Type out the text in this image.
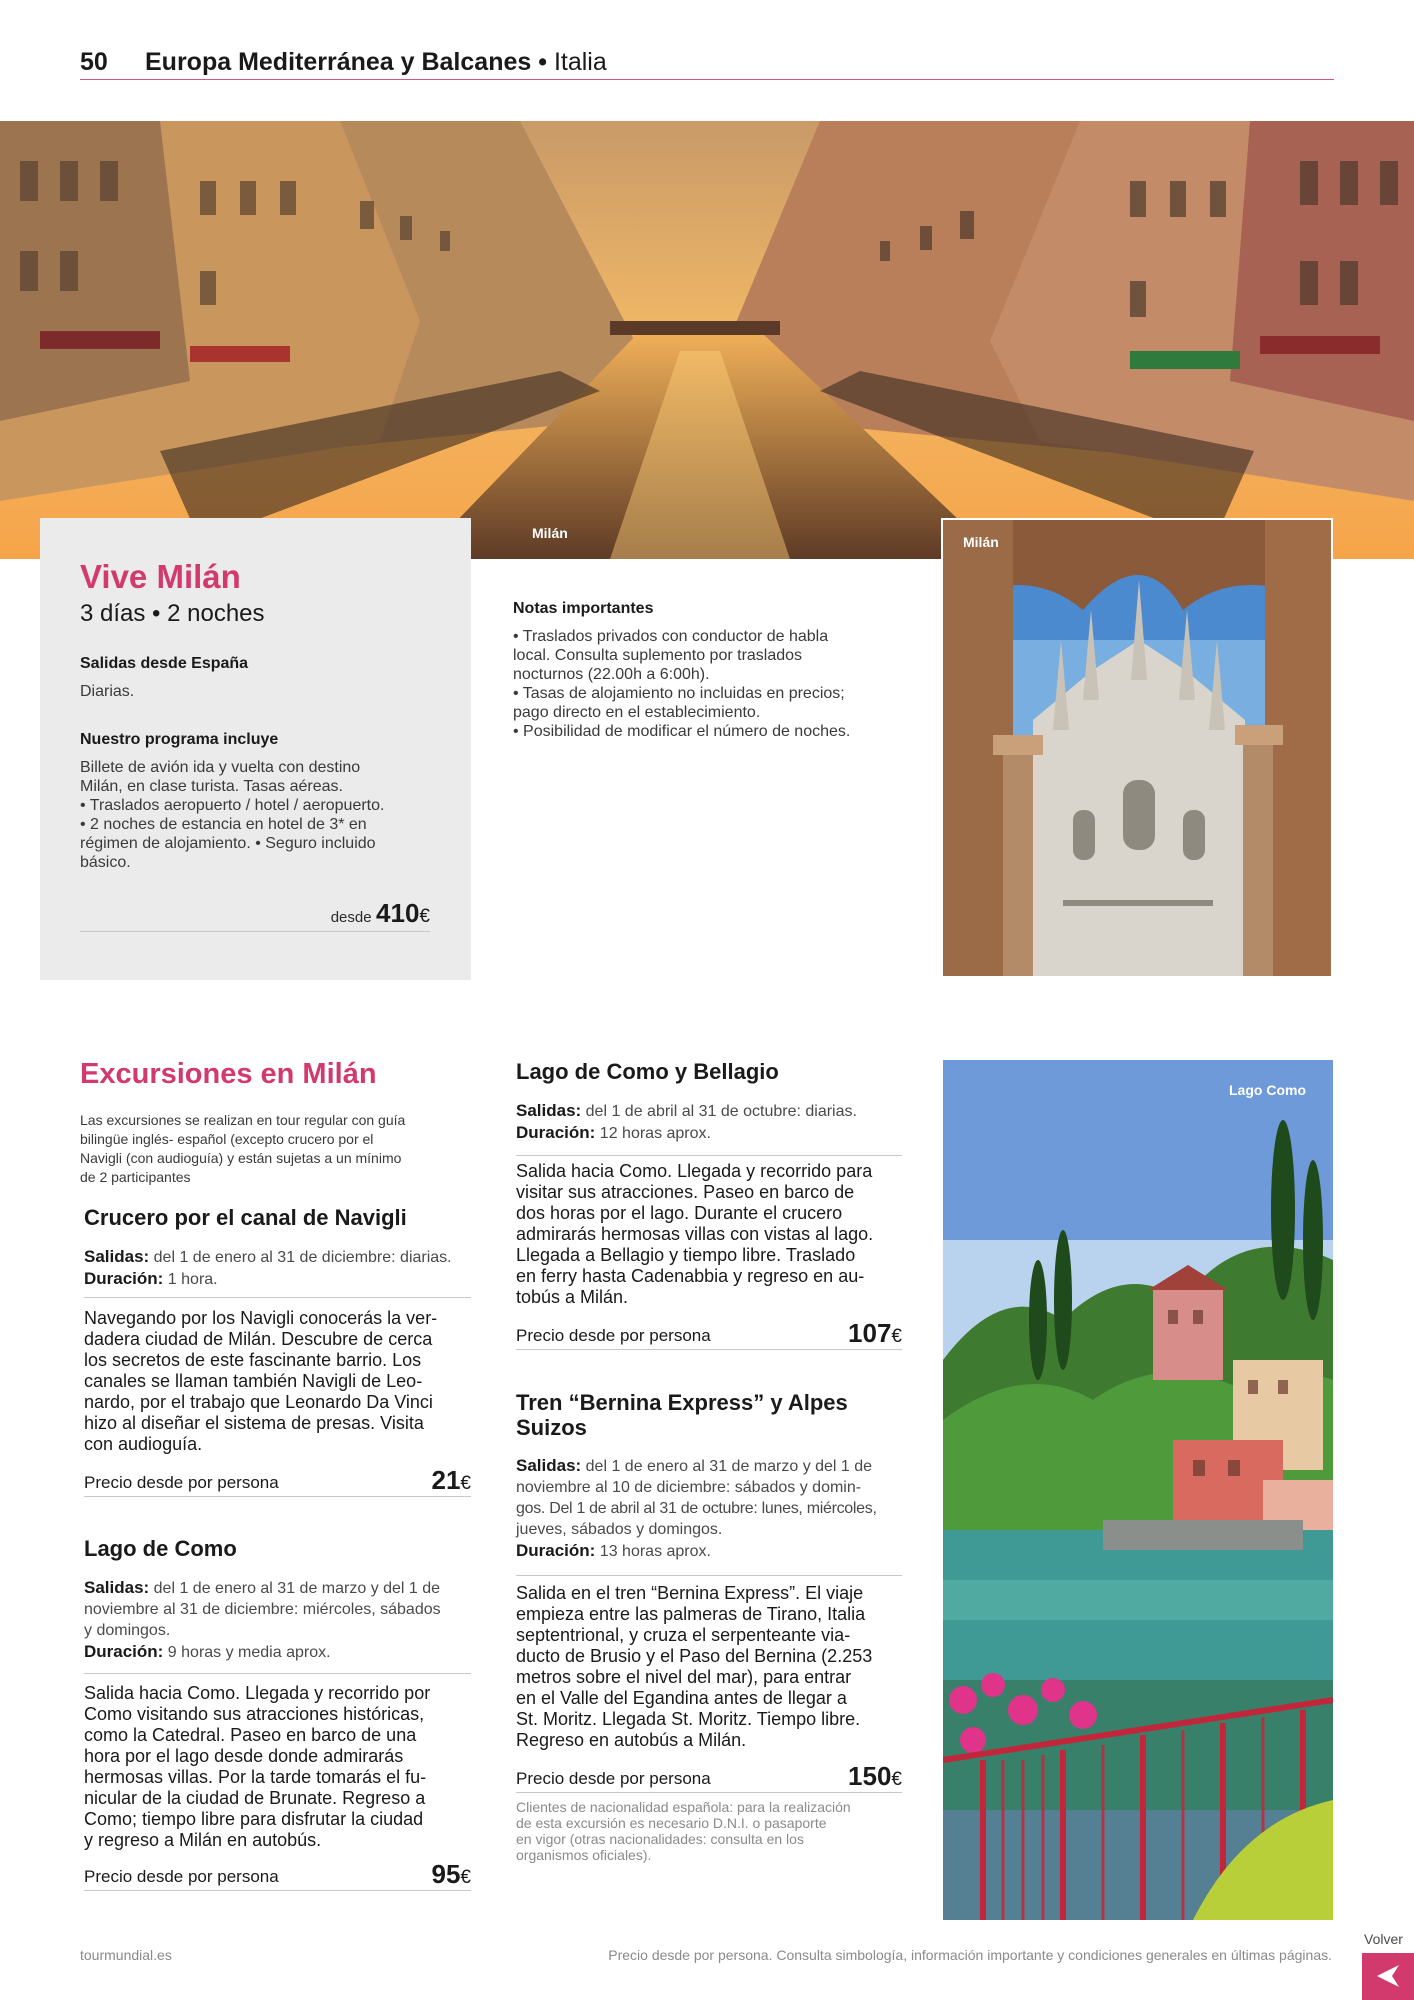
50 Europa Mediterránea y Balcanes • Italia
Milán
Vive Milán
3 días • 2 noches
Salidas desde España
Diarias.
Nuestro programa incluye
Billete de avión ida y vuelta con destino
Milán, en clase turista. Tasas aéreas.
• Traslados aeropuerto / hotel / aeropuerto.
• 2 noches de estancia en hotel de 3* en
régimen de alojamiento. • Seguro incluido
básico.
desde 410€
Notas importantes
• Traslados privados con conductor de habla
local. Consulta suplemento por traslados
nocturnos (22.00h a 6:00h).
• Tasas de alojamiento no incluidas en precios;
pago directo en el establecimiento.
• Posibilidad de modificar el número de noches.
Milán
Excursiones en Milán
Las excursiones se realizan en tour regular con guía
bilingüe inglés- español (excepto crucero por el
Navigli (con audioguía) y están sujetas a un mínimo
de 2 participantes
Crucero por el canal de Navigli
Salidas: del 1 de enero al 31 de diciembre: diarias.
Duración: 1 hora.
Navegando por los Navigli conocerás la ver-
dadera ciudad de Milán. Descubre de cerca
los secretos de este fascinante barrio. Los
canales se llaman también Navigli de Leo-
nardo, por el trabajo que Leonardo Da Vinci
hizo al diseñar el sistema de presas. Visita
con audioguía.
Precio desde por persona	21€
Lago de Como
Salidas: del 1 de enero al 31 de marzo y del 1 de
noviembre al 31 de diciembre: miércoles, sábados
y domingos.
Duración: 9 horas y media aprox.
Salida hacia Como. Llegada y recorrido por
Como visitando sus atracciones históricas,
como la Catedral. Paseo en barco de una
hora por el lago desde donde admirarás
hermosas villas. Por la tarde tomarás el fu-
nicular de la ciudad de Brunate. Regreso a
Como; tiempo libre para disfrutar la ciudad
y regreso a Milán en autobús.
Precio desde por persona	95€
Lago de Como y Bellagio
Salidas: del 1 de abril al 31 de octubre: diarias.
Duración: 12 horas aprox.
Salida hacia Como. Llegada y recorrido para
visitar sus atracciones. Paseo en barco de
dos horas por el lago. Durante el crucero
admirarás hermosas villas con vistas al lago.
Llegada a Bellagio y tiempo libre. Traslado
en ferry hasta Cadenabbia y regreso en au-
tobús a Milán.
Precio desde por persona	107€
Tren “Bernina Express” y Alpes
Suizos
Salidas: del 1 de enero al 31 de marzo y del 1 de
noviembre al 10 de diciembre: sábados y domin-
gos. Del 1 de abril al 31 de octubre: lunes, miércoles,
jueves, sábados y domingos.
Duración: 13 horas aprox.
Salida en el tren “Bernina Express”. El viaje
empieza entre las palmeras de Tirano, Italia
septentrional, y cruza el serpenteante via-
ducto de Brusio y el Paso del Bernina (2.253
metros sobre el nivel del mar), para entrar
en el Valle del Egandina antes de llegar a
St. Moritz. Llegada St. Moritz. Tiempo libre.
Regreso en autobús a Milán.
Precio desde por persona	150€
Clientes de nacionalidad española: para la realización
de esta excursión es necesario D.N.I. o pasaporte
en vigor (otras nacionalidades: consulta en los
organismos oficiales).
Lago Como
tourmundial.es	Precio desde por persona. Consulta simbología, información importante y condiciones generales en últimas páginas.
Volver
